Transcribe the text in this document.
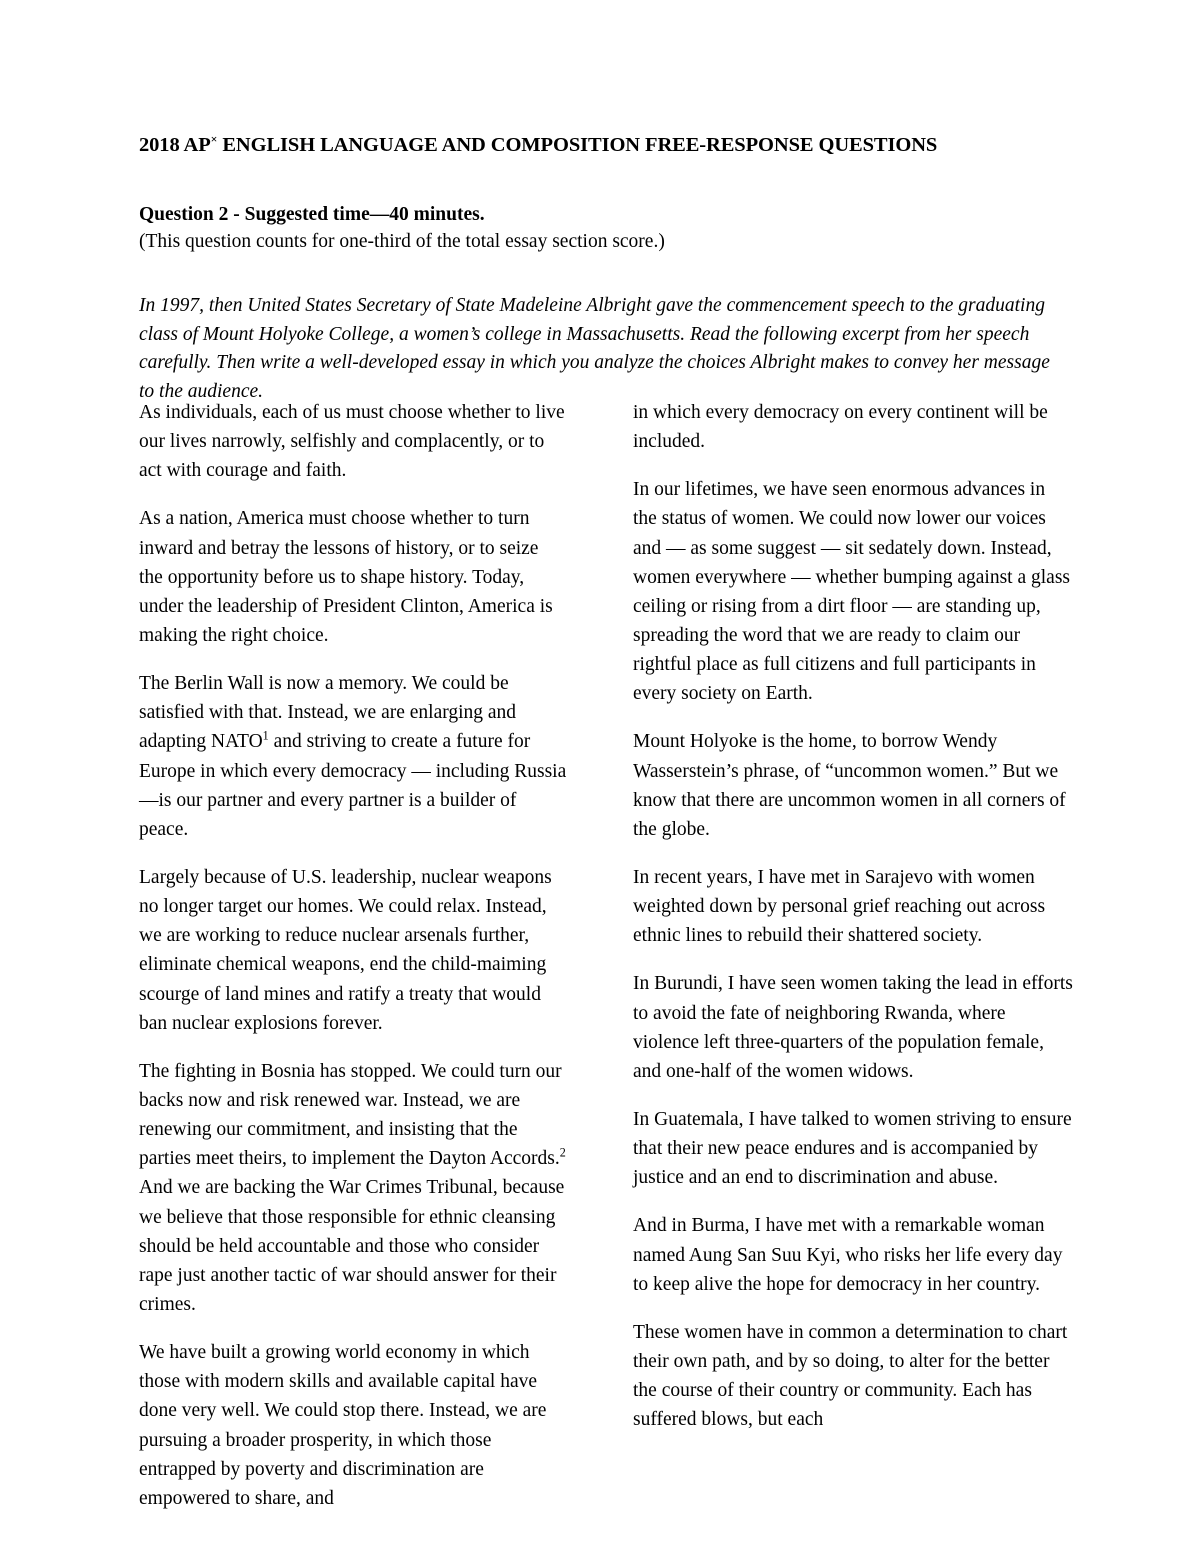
2018 AP× ENGLISH LANGUAGE AND COMPOSITION FREE-RESPONSE QUESTIONS

Question 2 - Suggested time—40 minutes.

(This question counts for one-third of the total essay section score.)

In 1997, then United States Secretary of State Madeleine Albright gave the commencement speech to the graduating class of Mount Holyoke College, a women’s college in Massachusetts. Read the following excerpt from her speech carefully. Then write a well-developed essay in which you analyze the choices Albright makes to convey her message to the audience.

As individuals, each of us must choose whether to live our lives narrowly, selfishly and complacently, or to act with courage and faith.

As a nation, America must choose whether to turn inward and betray the lessons of history, or to seize the opportunity before us to shape history. Today, under the leadership of President Clinton, America is making the right choice.

The Berlin Wall is now a memory. We could be satisfied with that. Instead, we are enlarging and adapting NATO$^1$ and striving to create a future for Europe in which every democracy — including Russia —is our partner and every partner is a builder of peace.

Largely because of U.S. leadership, nuclear weapons no longer target our homes. We could relax. Instead, we are working to reduce nuclear arsenals further, eliminate chemical weapons, end the child-maiming scourge of land mines and ratify a treaty that would ban nuclear explosions forever.

The fighting in Bosnia has stopped. We could turn our backs now and risk renewed war. Instead, we are renewing our commitment, and insisting that the parties meet theirs, to implement the Dayton Accords.$^2$ And we are backing the War Crimes Tribunal, because we believe that those responsible for ethnic cleansing should be held accountable and those who consider rape just another tactic of war should answer for their crimes.

We have built a growing world economy in which those with modern skills and available capital have done very well. We could stop there. Instead, we are pursuing a broader prosperity, in which those entrapped by poverty and discrimination are empowered to share, and

in which every democracy on every continent will be included.

In our lifetimes, we have seen enormous advances in the status of women. We could now lower our voices and — as some suggest — sit sedately down. Instead, women everywhere — whether bumping against a glass ceiling or rising from a dirt floor — are standing up, spreading the word that we are ready to claim our rightful place as full citizens and full participants in every society on Earth.

Mount Holyoke is the home, to borrow Wendy Wasserstein’s phrase, of “uncommon women.” But we know that there are uncommon women in all corners of the globe.

In recent years, I have met in Sarajevo with women weighted down by personal grief reaching out across ethnic lines to rebuild their shattered society.

In Burundi, I have seen women taking the lead in efforts to avoid the fate of neighboring Rwanda, where violence left three-quarters of the population female, and one-half of the women widows.

In Guatemala, I have talked to women striving to ensure that their new peace endures and is accompanied by justice and an end to discrimination and abuse.

And in Burma, I have met with a remarkable woman named Aung San Suu Kyi, who risks her life every day to keep alive the hope for democracy in her country.

These women have in common a determination to chart their own path, and by so doing, to alter for the better the course of their country or community. Each has suffered blows, but each
